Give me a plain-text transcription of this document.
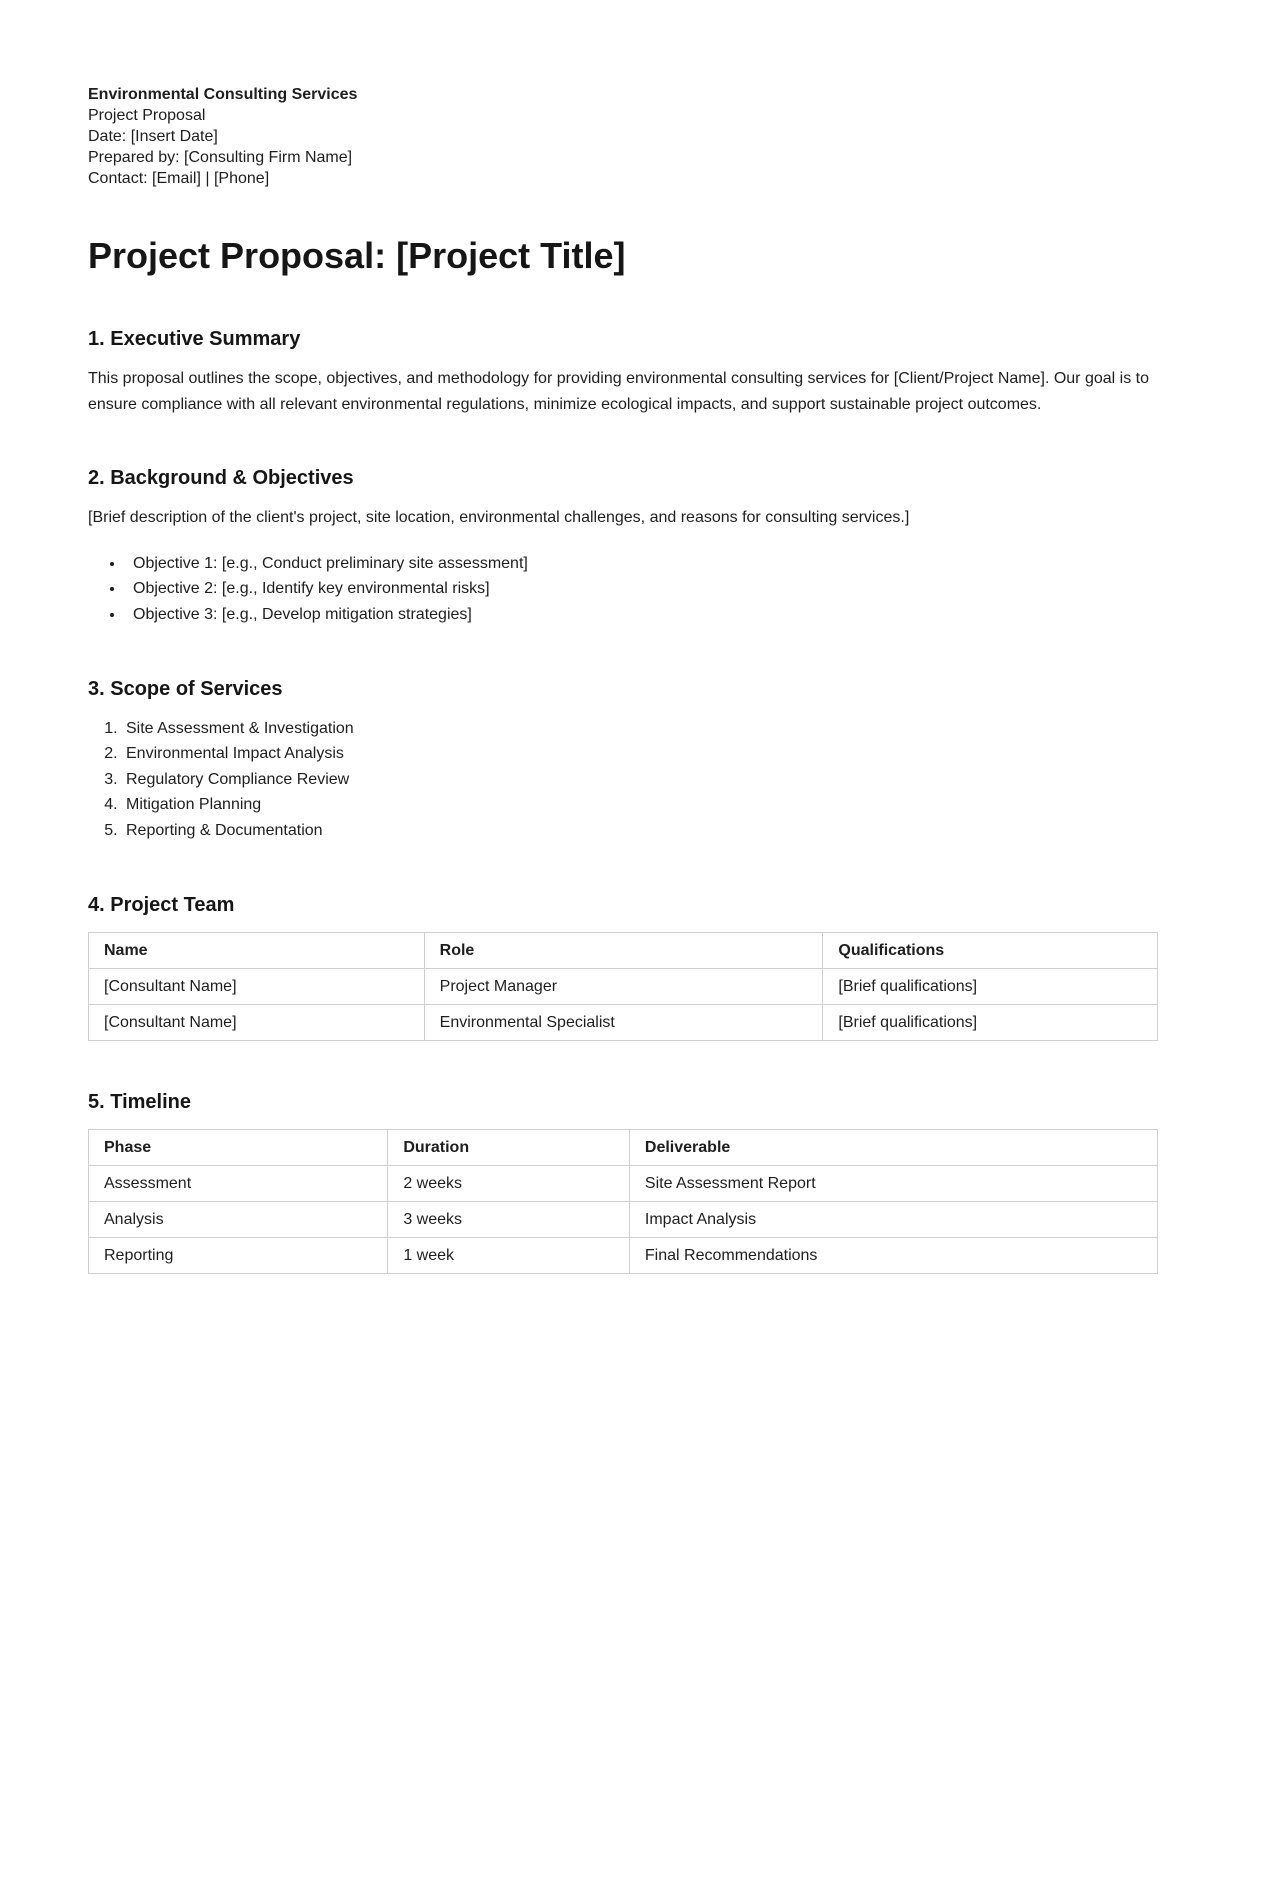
Environmental Consulting Services

Project Proposal

Date: [Insert Date]

Prepared by: [Consulting Firm Name]

Contact: [Email] | [Phone]

Project Proposal: [Project Title]
1. Executive Summary

This proposal outlines the scope, objectives, and methodology for providing environmental consulting services for [Client/Project Name]. Our goal is to ensure compliance with all relevant environmental regulations, minimize ecological impacts, and support sustainable project outcomes.

2. Background & Objectives

[Brief description of the client's project, site location, environmental challenges, and reasons for consulting services.]

• Objective 1: [e.g., Conduct preliminary site assessment]
• Objective 2: [e.g., Identify key environmental risks]
• Objective 3: [e.g., Develop mitigation strategies]
3. Scope of Services
1. Site Assessment & Investigation
2. Environmental Impact Analysis
3. Regulatory Compliance Review
4. Mitigation Planning
5. Reporting & Documentation
4. Project Team
Name	Role	Qualifications
[Consultant Name]	Project Manager	[Brief qualifications]
[Consultant Name]	Environmental Specialist	[Brief qualifications]
5. Timeline
Phase	Duration	Deliverable
Assessment	2 weeks	Site Assessment Report
Analysis	3 weeks	Impact Analysis
Reporting	1 week	Final Recommendations
